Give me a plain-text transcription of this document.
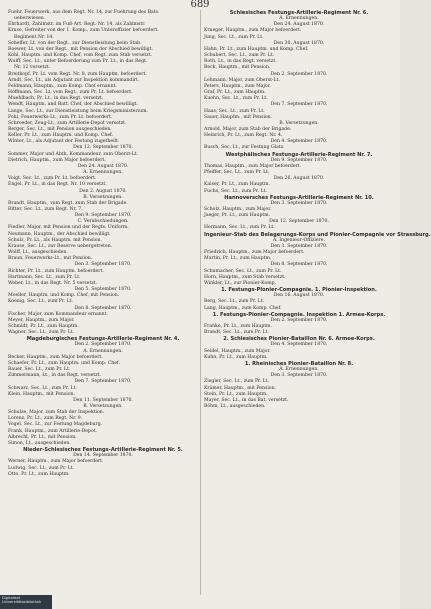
689
Fuehr, Feuerwerk, aus dem Regt. Nr. 14, zur Fuehrung des Bats.
ueberwiesen.
Ehrhardt, Zahlmstr. im Fuß-Art. Regt. Nr. 14, als Zahlmstr.
Kruse, Gefreiter von der 1. Komp., zum Unteroffizier befoerdert.
Regiment Nr. 14.
Scheffer, Lt. von der Regt., zur Dienstleistung beim Stab.
Roewer, Lt. von der Regt., mit Pension der Abschied bewilligt.
Kohl, Hauptm. und Komp. Chef, vom Regt. zum Stab versetzt.
Wulff, Sec. Lt., unter Befoerderung zum Pr. Lt., in das Regt.
Nr. 12 versetzt.
Breitkopf, Pr. Lt. vom Regt. Nr. 8, zum Hauptm. befoerdert.
Arndt, Sec. Lt., als Adjutant zur Inspektion kommandirt.
Feldmann, Hauptm., zum Komp. Chef ernannt.
Hoffmann, Sec. Lt. vom Regt., zum Pr. Lt. befoerdert.
Muehlbach, Pr. Lt., in das Regt. versetzt.
Wendt, Hauptm. und Batt. Chef, der Abschied bewilligt.
Lange, Sec. Lt., zur Dienstleistung beim Kriegsministerium.
Pohl, Feuerwerks-Lt., zum Pr. Lt. befoerdert.
Schroeder, Zeug-Lt., zum Artillerie-Depot versetzt.
Berger, Sec. Lt., mit Pension ausgeschieden.
Keller, Pr. Lt., zum Hauptm. und Komp. Chef.
Winter, Lt., als Adjutant der Festung zugetheilt.
Den 12. September 1870.
Sommer, Major und Abth. Kommandeur, zum Oberst-Lt.
Dietrich, Hauptm., zum Major befoerdert.
Den 24. August 1870.
A. Ernennungen.
Voigt, Sec. Lt., zum Pr. Lt. befoerdert.
Engel, Pr. Lt., in das Regt. Nr. 10 versetzt.
Den 2. August 1870.
B. Versetzungen.
Brandt, Hauptm., vom Regt. zum Stab der Brigade.
Ritter, Sec. Lt., zum Regt. Nr. 7.
Den 9. September 1870.
C. Verabschiedungen.
Fiedler, Major, mit Pension und der Regts. Uniform.
Neumann, Hauptm., der Abschied bewilligt.
Schulz, Pr. Lt., als Hauptm. mit Pension.
Krause, Sec. Lt., zur Reserve uebergetreten.
Wolff, Lt., ausgeschieden.
Braun, Feuerwerks-Lt., mit Pension.
Den 3. September 1870.
Richter, Pr. Lt., zum Hauptm. befoerdert.
Hartmann, Sec. Lt., zum Pr. Lt.
Weber, Lt., in das Regt. Nr. 5 versetzt.
Den 5. September 1870.
Moeller, Hauptm. und Komp. Chef, mit Pension.
Koenig, Sec. Lt., zum Pr. Lt.
Den 8. September 1870.
Fischer, Major, zum Kommandeur ernannt.
Meyer, Hauptm., zum Major.
Schmidt, Pr. Lt., zum Hauptm.
Wagner, Sec. Lt., zum Pr. Lt.
Magdeburgisches Festungs-Artillerie-Regiment Nr. 4.
Den 2. September 1870.
A. Ernennungen.
Becker, Hauptm., zum Major befoerdert.
Schaefer, Pr. Lt., zum Hauptm. und Komp. Chef.
Bauer, Sec. Lt., zum Pr. Lt.
Zimmermann, Lt., in das Regt. versetzt.
Den 7. September 1870.
Schwarz, Sec. Lt., zum Pr. Lt.
Klein, Hauptm., mit Pension.
Den 11. September 1870.
B. Versetzungen.
Schulze, Major, zum Stab der Inspektion.
Lorenz, Pr. Lt., zum Regt. Nr. 9.
Vogel, Sec. Lt., zur Festung Magdeburg.
Frank, Hauptm., zum Artillerie-Depot.
Albrecht, Pr. Lt., mit Pension.
Simon, Lt., ausgeschieden.
Nieder-Schlesisches Festungs-Artillerie-Regiment Nr. 5.
Den 14. September 1870.
Werner, Hauptm., zum Major befoerdert.
Ludwig, Sec. Lt., zum Pr. Lt.
Otto, Pr. Lt., zum Hauptm.
Schlesisches Festungs-Artillerie-Regiment Nr. 6.
A. Ernennungen.
Den 24. August 1870.
Krueger, Hauptm., zum Major befoerdert.
Jung, Sec. Lt., zum Pr. Lt.
Den 30. August 1870.
Hahn, Pr. Lt., zum Hauptm. und Komp. Chef.
Schubert, Sec. Lt., zum Pr. Lt.
Roth, Lt., in das Regt. versetzt.
Beck, Hauptm., mit Pension.
Den 2. September 1870.
Lehmann, Major, zum Oberst-Lt.
Peters, Hauptm., zum Major.
Graf, Pr. Lt., zum Hauptm.
Kuehn, Sec. Lt., zum Pr. Lt.
Den 7. September 1870.
Haas, Sec. Lt., zum Pr. Lt.
Sauer, Hauptm., mit Pension.
B. Versetzungen.
Arnold, Major, zum Stab der Brigade.
Heinrich, Pr. Lt., zum Regt. Nr. 4.
Den 4. September 1870.
Busch, Sec. Lt., zur Festung Glatz.
Westphälisches Festungs-Artillerie-Regiment Nr. 7.
Den 9. September 1870.
Thomas, Hauptm., zum Major befoerdert.
Pfeiffer, Sec. Lt., zum Pr. Lt.
Den 26. August 1870.
Kaiser, Pr. Lt., zum Hauptm.
Fuchs, Sec. Lt., zum Pr. Lt.
Hannoversches Festungs-Artillerie-Regiment Nr. 10.
Den 3. September 1870.
Scholz, Hauptm., zum Major.
Jaeger, Pr. Lt., zum Hauptm.
Den 12. September 1870.
Hermann, Sec. Lt., zum Pr. Lt.
Ingenieur-Stab des Belagerungs-Korps und Pionier-Compagnie vor Strassburg.
A. Ingenieur-Offiziere.
Den 3. September 1870.
Friedrich, Hauptm., zum Major befoerdert.
Martin, Pr. Lt., zum Hauptm.
Den 8. September 1870.
Schumacher, Sec. Lt., zum Pr. Lt.
Horn, Hauptm., zum Stab versetzt.
Winkler, Lt., zur Pionier-Komp.
1. Festungs-Pionier-Compagnie. 1. Pionier-Inspektion.
Den 16. August 1870.
Berg, Sec. Lt., zum Pr. Lt.
Lang, Hauptm., zum Komp. Chef.
1. Festungs-Pionier-Compagnie. Inspektion 1. Armee-Korps.
Den 2. September 1870.
Franke, Pr. Lt., zum Hauptm.
Brandt, Sec. Lt., zum Pr. Lt.
2. Schlesisches Pionier-Bataillon Nr. 6. Armee-Korps.
Den 4. September 1870.
Seidel, Hauptm., zum Major.
Kuhn, Pr. Lt., zum Hauptm.
1. Rheinisches Pionier-Bataillon Nr. 8.
A. Ernennungen.
Den 3. September 1870.
Ziegler, Sec. Lt., zum Pr. Lt.
Krämer, Hauptm., mit Pension.
Stein, Pr. Lt., zum Hauptm.
Mayer, Sec. Lt., in das Bat. versetzt.
Böhm, Lt., ausgeschieden.
Digitalisat
Universitätsbibliothek
